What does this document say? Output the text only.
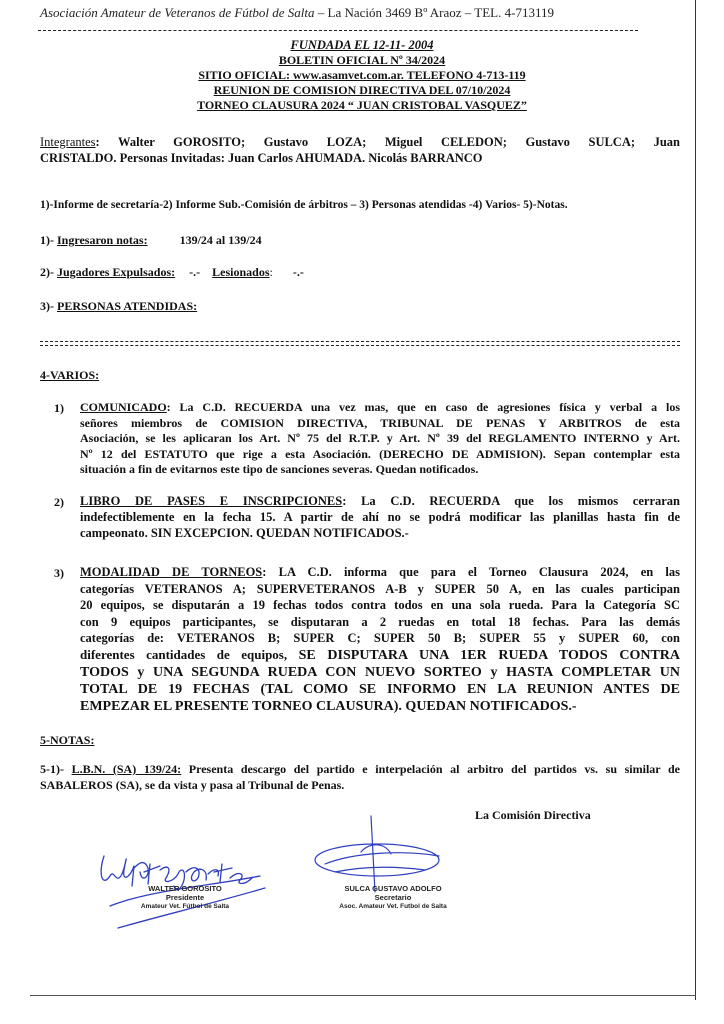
Asociación Amateur de Veteranos de Fútbol de Salta – La Nación 3469 Bº Araoz – TEL. 4-713119
FUNDADA EL 12-11- 2004
BOLETIN OFICIAL Nº 34/2024
SITIO OFICIAL: www.asamvet.com.ar. TELEFONO 4-713-119
REUNION DE COMISION DIRECTIVA DEL 07/10/2024
TORNEO CLAUSURA 2024 “ JUAN CRISTOBAL VASQUEZ”
Integrantes: Walter GOROSITO; Gustavo LOZA; Miguel CELEDON; Gustavo SULCA; Juan
CRISTALDO. Personas Invitadas: Juan Carlos AHUMADA. Nicolás BARRANCO
1)-Informe de secretaría-2) Informe Sub.-Comisión de árbitros – 3) Personas atendidas -4) Varios- 5)-Notas.
1)- Ingresaron notas:	139/24 al 139/24
2)- Jugadores Expulsados: -.- Lesionados: -.-
3)- PERSONAS ATENDIDAS:
4-VARIOS:
1) COMUNICADO: La C.D. RECUERDA una vez mas, que en caso de agresiones física y verbal a los
señores miembros de COMISION DIRECTIVA, TRIBUNAL DE PENAS Y ARBITROS de esta
Asociación, se les aplicaran los Art. Nº 75 del R.T.P. y Art. Nº 39 del REGLAMENTO INTERNO y Art.
Nº 12 del ESTATUTO que rige a esta Asociación. (DERECHO DE ADMISION). Sepan contemplar esta
situación a fin de evitarnos este tipo de sanciones severas. Quedan notificados.
2) LIBRO DE PASES E INSCRIPCIONES: La C.D. RECUERDA que los mismos cerraran
indefectiblemente en la fecha 15. A partir de ahí no se podrá modificar las planillas hasta fin de
campeonato. SIN EXCEPCION. QUEDAN NOTIFICADOS.-
3) MODALIDAD DE TORNEOS: LA C.D. informa que para el Torneo Clausura 2024, en las
categorías VETERANOS A; SUPERVETERANOS A-B y SUPER 50 A, en las cuales participan
20 equipos, se disputarán a 19 fechas todos contra todos en una sola rueda. Para la Categoría SC
con 9 equipos participantes, se disputaran a 2 ruedas en total 18 fechas. Para las demás
categorías de: VETERANOS B; SUPER C; SUPER 50 B; SUPER 55 y SUPER 60, con
diferentes cantidades de equipos, SE DISPUTARA UNA 1ER RUEDA TODOS CONTRA
TODOS y UNA SEGUNDA RUEDA CON NUEVO SORTEO y HASTA COMPLETAR UN
TOTAL DE 19 FECHAS (TAL COMO SE INFORMO EN LA REUNION ANTES DE
EMPEZAR EL PRESENTE TORNEO CLAUSURA). QUEDAN NOTIFICADOS.-
5-NOTAS:
5-1)- L.B.N. (SA) 139/24: Presenta descargo del partido e interpelación al arbitro del partidos vs. su similar de
SABALEROS (SA), se da vista y pasa al Tribunal de Penas.
La Comisión Directiva
WALTER GOROSITO
Presidente
Amateur Vet. Fútbol de Salta
SULCA GUSTAVO ADOLFO
Secretario
Asoc. Amateur Vet. Futbol de Salta
